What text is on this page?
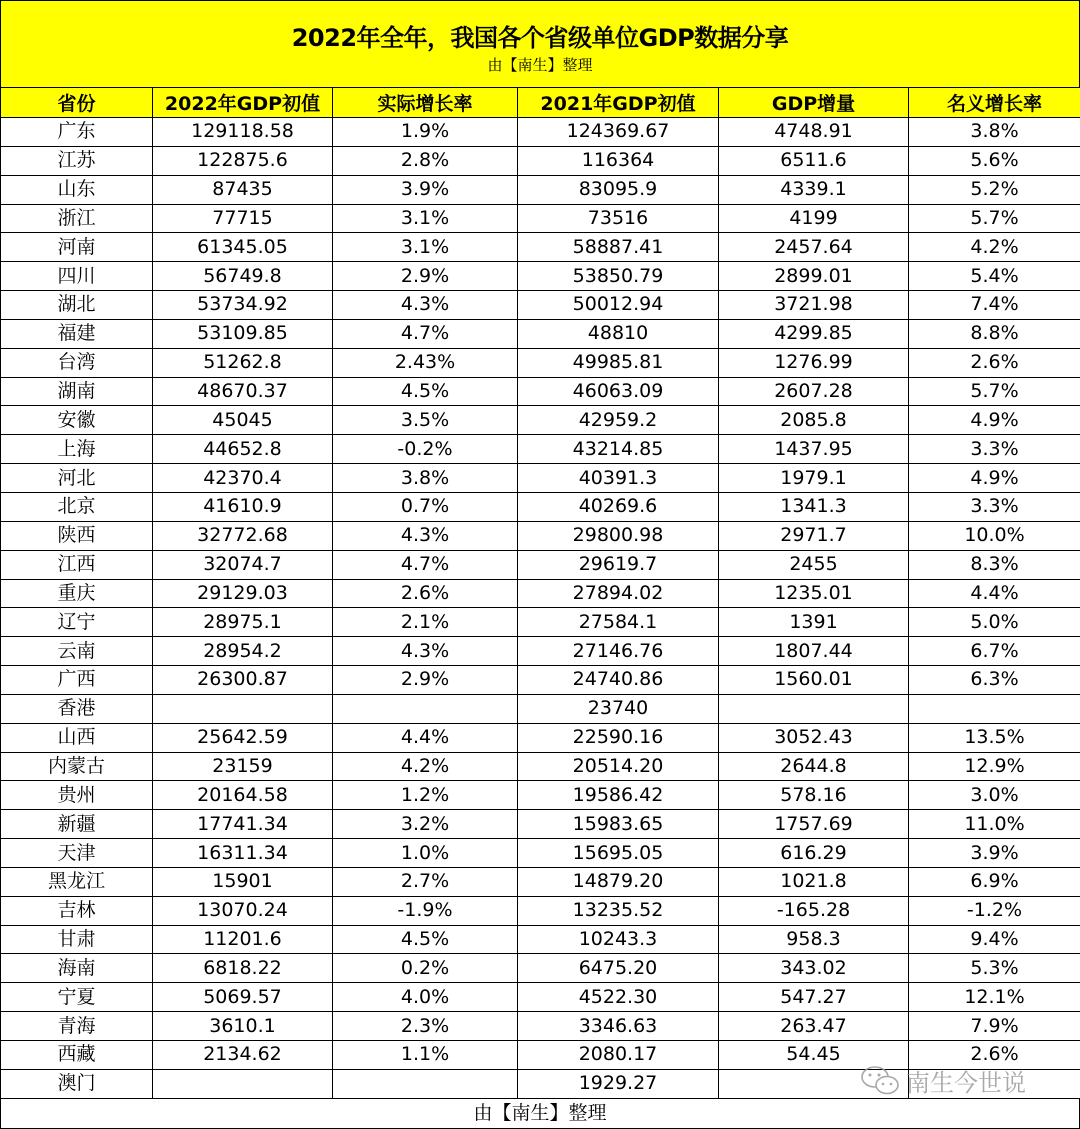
2022年全年，我国各个省级单位GDP数据分享
由【南生】整理
省份	2022年GDP初值	实际增长率	2021年GDP初值	GDP增量	名义增长率
广东	129118.58	1.9%	124369.67	4748.91	3.8%
江苏	122875.6	2.8%	116364	6511.6	5.6%
山东	87435	3.9%	83095.9	4339.1	5.2%
浙江	77715	3.1%	73516	4199	5.7%
河南	61345.05	3.1%	58887.41	2457.64	4.2%
四川	56749.8	2.9%	53850.79	2899.01	5.4%
湖北	53734.92	4.3%	50012.94	3721.98	7.4%
福建	53109.85	4.7%	48810	4299.85	8.8%
台湾	51262.8	2.43%	49985.81	1276.99	2.6%
湖南	48670.37	4.5%	46063.09	2607.28	5.7%
安徽	45045	3.5%	42959.2	2085.8	4.9%
上海	44652.8	-0.2%	43214.85	1437.95	3.3%
河北	42370.4	3.8%	40391.3	1979.1	4.9%
北京	41610.9	0.7%	40269.6	1341.3	3.3%
陕西	32772.68	4.3%	29800.98	2971.7	10.0%
江西	32074.7	4.7%	29619.7	2455	8.3%
重庆	29129.03	2.6%	27894.02	1235.01	4.4%
辽宁	28975.1	2.1%	27584.1	1391	5.0%
云南	28954.2	4.3%	27146.76	1807.44	6.7%
广西	26300.87	2.9%	24740.86	1560.01	6.3%
香港			23740		
山西	25642.59	4.4%	22590.16	3052.43	13.5%
内蒙古	23159	4.2%	20514.20	2644.8	12.9%
贵州	20164.58	1.2%	19586.42	578.16	3.0%
新疆	17741.34	3.2%	15983.65	1757.69	11.0%
天津	16311.34	1.0%	15695.05	616.29	3.9%
黑龙江	15901	2.7%	14879.20	1021.8	6.9%
吉林	13070.24	-1.9%	13235.52	-165.28	-1.2%
甘肃	11201.6	4.5%	10243.3	958.3	9.4%
海南	6818.22	0.2%	6475.20	343.02	5.3%
宁夏	5069.57	4.0%	4522.30	547.27	12.1%
青海	3610.1	2.3%	3346.63	263.47	7.9%
西藏	2134.62	1.1%	2080.17	54.45	2.6%
澳门			1929.27		
由【南生】整理
南生今世说
